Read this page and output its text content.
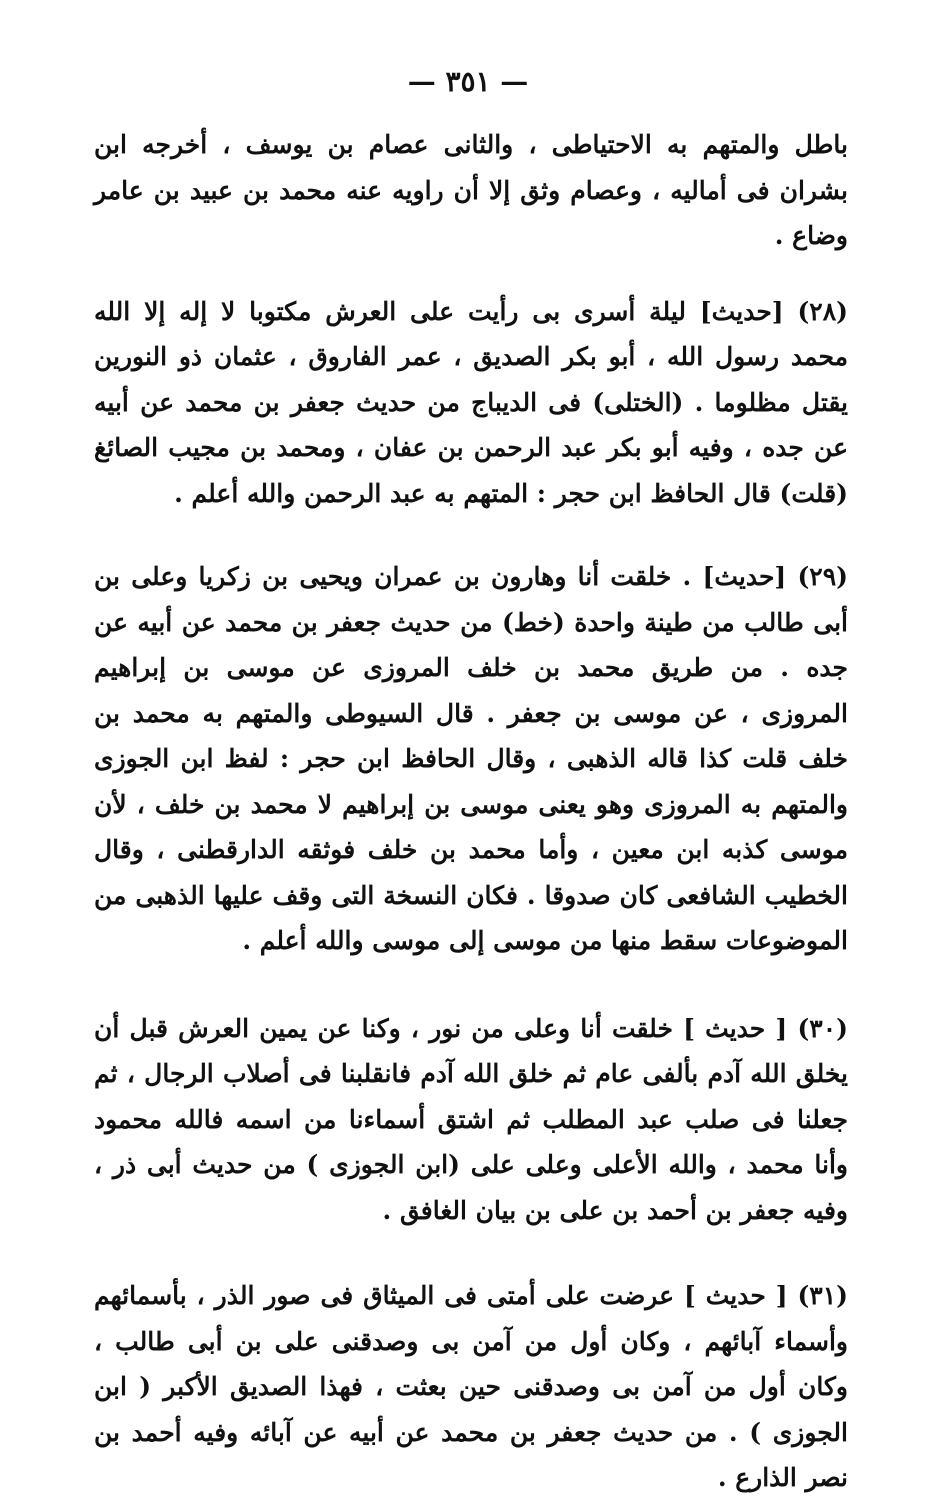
— ٣٥١ —

باطل والمتهم به الاحتياطى ، والثانى عصام بن يوسف ، أخرجه ابن بشران فى أماليه ، وعصام وثق إلا أن راويه عنه محمد بن عبيد بن عامر وضاع .

(٢٨) [حديث] ليلة أسرى بى رأيت على العرش مكتوبا لا إله إلا الله محمد رسول الله ، أبو بكر الصديق ، عمر الفاروق ، عثمان ذو النورين يقتل مظلوما . (الختلى) فى الديباج من حديث جعفر بن محمد عن أبيه عن جده ، وفيه أبو بكر عبد الرحمن بن عفان ، ومحمد بن مجيب الصائغ (قلت) قال الحافظ ابن حجر : المتهم به عبد الرحمن والله أعلم .

(٢٩) [حديث] . خلقت أنا وهارون بن عمران ويحيى بن زكريا وعلى بن أبى طالب من طينة واحدة (خط) من حديث جعفر بن محمد عن أبيه عن جده . من طريق محمد بن خلف المروزى عن موسى بن إبراهيم المروزى ، عن موسى بن جعفر . قال السيوطى والمتهم به محمد بن خلف قلت كذا قاله الذهبى ، وقال الحافظ ابن حجر : لفظ ابن الجوزى والمتهم به المروزى وهو يعنى موسى بن إبراهيم لا محمد بن خلف ، لأن موسى كذبه ابن معين ، وأما محمد بن خلف فوثقه الدارقطنى ، وقال الخطيب الشافعى كان صدوقا . فكان النسخة التى وقف عليها الذهبى من الموضوعات سقط منها من موسى إلى موسى والله أعلم .

(٣٠) [ حديث ] خلقت أنا وعلى من نور ، وكنا عن يمين العرش قبل أن يخلق الله آدم بألفى عام ثم خلق الله آدم فانقلبنا فى أصلاب الرجال ، ثم جعلنا فى صلب عبد المطلب ثم اشتق أسماءنا من اسمه فالله محمود وأنا محمد ، والله الأعلى وعلى على (ابن الجوزى ) من حديث أبى ذر ، وفيه جعفر بن أحمد بن على بن بيان الغافق .

(٣١) [ حديث ] عرضت على أمتى فى الميثاق فى صور الذر ، بأسمائهم وأسماء آبائهم ، وكان أول من آمن بى وصدقنى على بن أبى طالب ، وكان أول من آمن بى وصدقنى حين بعثت ، فهذا الصديق الأكبر ( ابن الجوزى ) . من حديث جعفر بن محمد عن أبيه عن آبائه وفيه أحمد بن نصر الذارع .
